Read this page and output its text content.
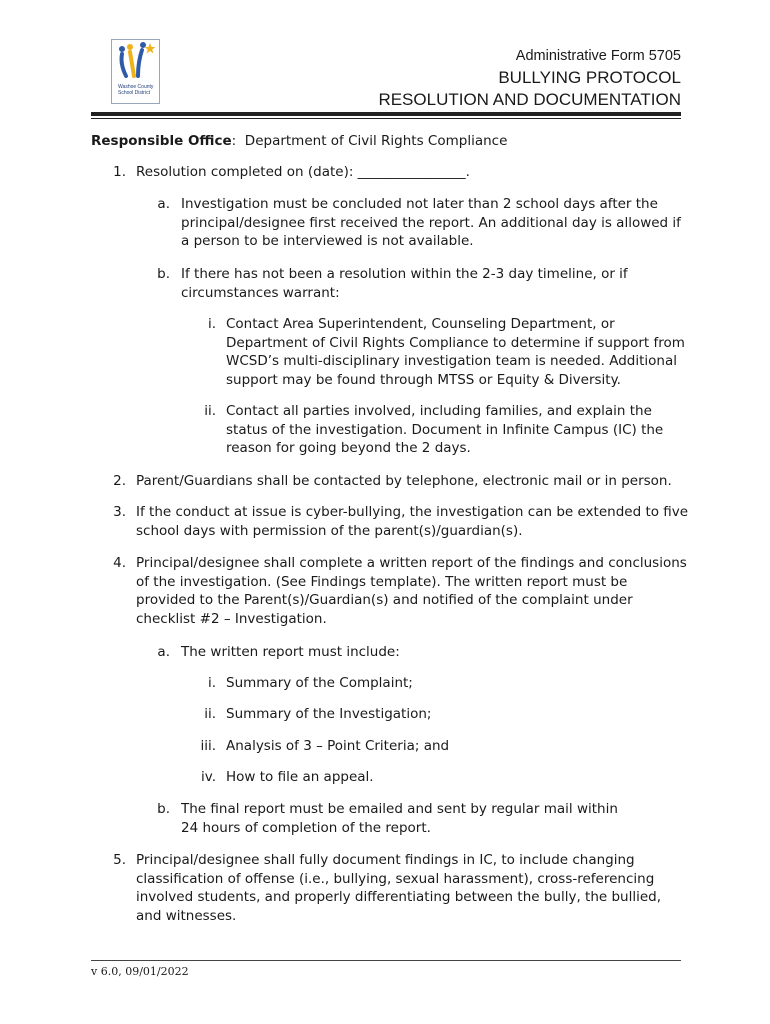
Washoe County
School District
Administrative Form 5705
BULLYING PROTOCOL
RESOLUTION AND DOCUMENTATION
Responsible Office: Department of Civil Rights Compliance
1. Resolution completed on (date): ________________.
a. Investigation must be concluded not later than 2 school days after the
principal/designee first received the report. An additional day is allowed if
a person to be interviewed is not available.
b. If there has not been a resolution within the 2-3 day timeline, or if
circumstances warrant:
i. Contact Area Superintendent, Counseling Department, or
Department of Civil Rights Compliance to determine if support from
WCSD’s multi-disciplinary investigation team is needed. Additional
support may be found through MTSS or Equity & Diversity.
ii. Contact all parties involved, including families, and explain the
status of the investigation. Document in Infinite Campus (IC) the
reason for going beyond the 2 days.
2. Parent/Guardians shall be contacted by telephone, electronic mail or in person.
3. If the conduct at issue is cyber-bullying, the investigation can be extended to five
school days with permission of the parent(s)/guardian(s).
4. Principal/designee shall complete a written report of the findings and conclusions
of the investigation. (See Findings template). The written report must be
provided to the Parent(s)/Guardian(s) and notified of the complaint under
checklist #2 – Investigation.
a. The written report must include:
i. Summary of the Complaint;
ii. Summary of the Investigation;
iii. Analysis of 3 – Point Criteria; and
iv. How to file an appeal.
b. The final report must be emailed and sent by regular mail within
24 hours of completion of the report.
5. Principal/designee shall fully document findings in IC, to include changing
classification of offense (i.e., bullying, sexual harassment), cross-referencing
involved students, and properly differentiating between the bully, the bullied,
and witnesses.
v 6.0, 09/01/2022
